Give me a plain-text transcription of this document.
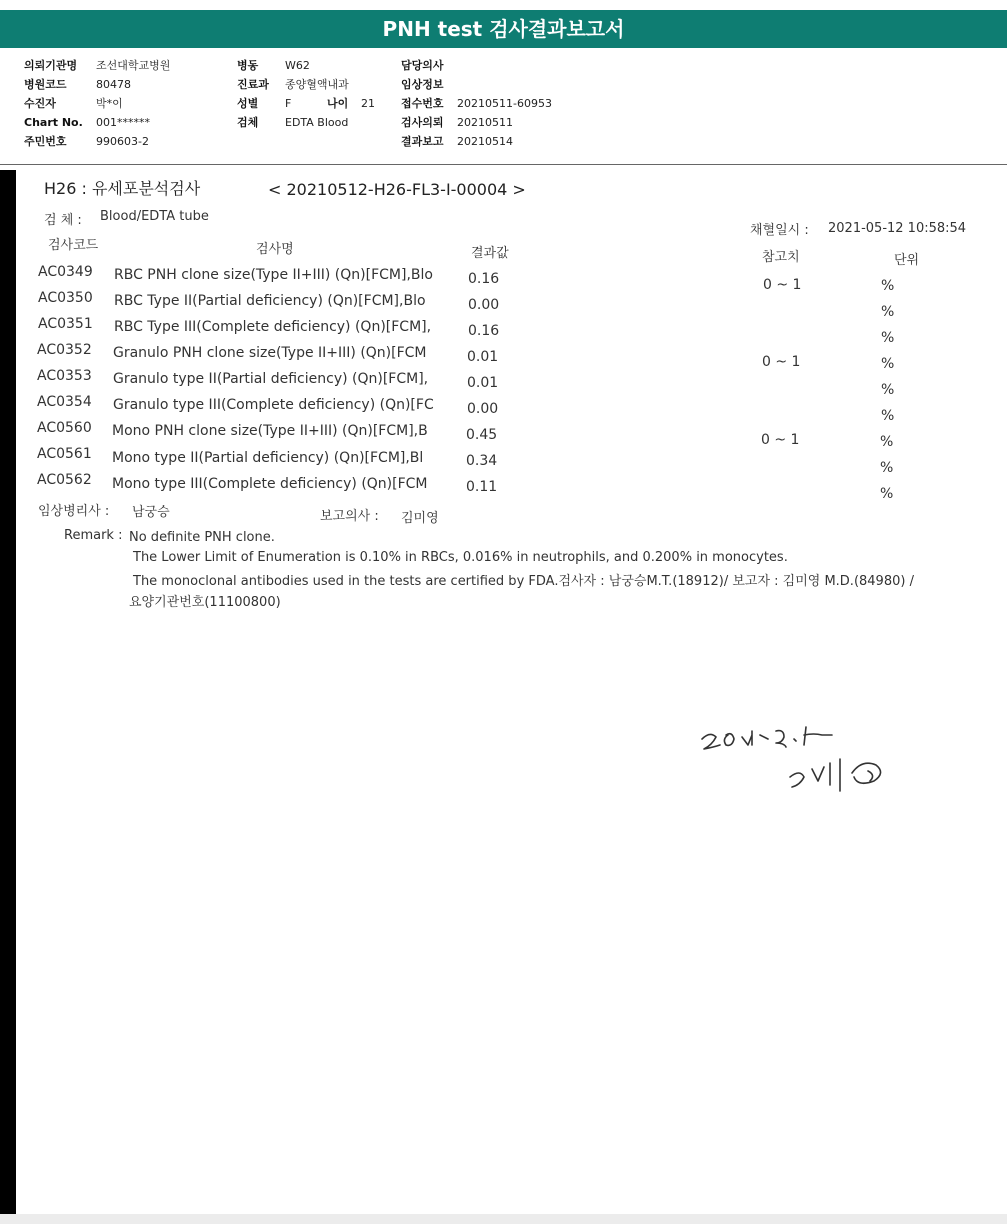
PNH test 검사결과보고서
의뢰기관명 조선대학교병원
병원코드	80478
수진자	박*이
Chart No. 001******
주민번호	990603-2
병동 W62
진료과 종양혈액내과
성별 F	나이 21
검체 EDTA Blood
담당의사
임상정보
접수번호 20210511-60953
검사의뢰 20210511
결과보고 20210514
H26 : 유세포분석검사	< 20210512-H26-FL3-I-00004 >
검 체 : Blood/EDTA tube
채혈일시 : 2021-05-12 10:58:54
검사코드	검사명	결과값	참고치	단위
AC0349 RBC PNH clone size(Type II+III) (Qn)[FCM],Blo	0.16	0 ~ 1	%
AC0350 RBC Type II(Partial deficiency) (Qn)[FCM],Blo	0.00	%
AC0351 RBC Type III(Complete deficiency) (Qn)[FCM],	0.16	%
AC0352 Granulo PNH clone size(Type II+III) (Qn)[FCM	0.01	0 ~ 1	%
AC0353 Granulo type II(Partial deficiency) (Qn)[FCM],	0.01	%
AC0354 Granulo type III(Complete deficiency) (Qn)[FC 0.00	%
AC0560 Mono PNH clone size(Type II+III) (Qn)[FCM],B	0.45	0 ~ 1	%
AC0561 Mono type II(Partial deficiency) (Qn)[FCM],Bl	0.34	%
AC0562 Mono type III(Complete deficiency) (Qn)[FCM	0.11	%
임상병리사 : 남궁승	보고의사 : 김미영
Remark : No definite PNH clone.
The Lower Limit of Enumeration is 0.10% in RBCs, 0.016% in neutrophils, and 0.200% in monocytes.
The monoclonal antibodies used in the tests are certified by FDA.검사자 : 남궁승M.T.(18912)/ 보고자 : 김미영 M.D.(84980) /
요양기관번호(11100800)
